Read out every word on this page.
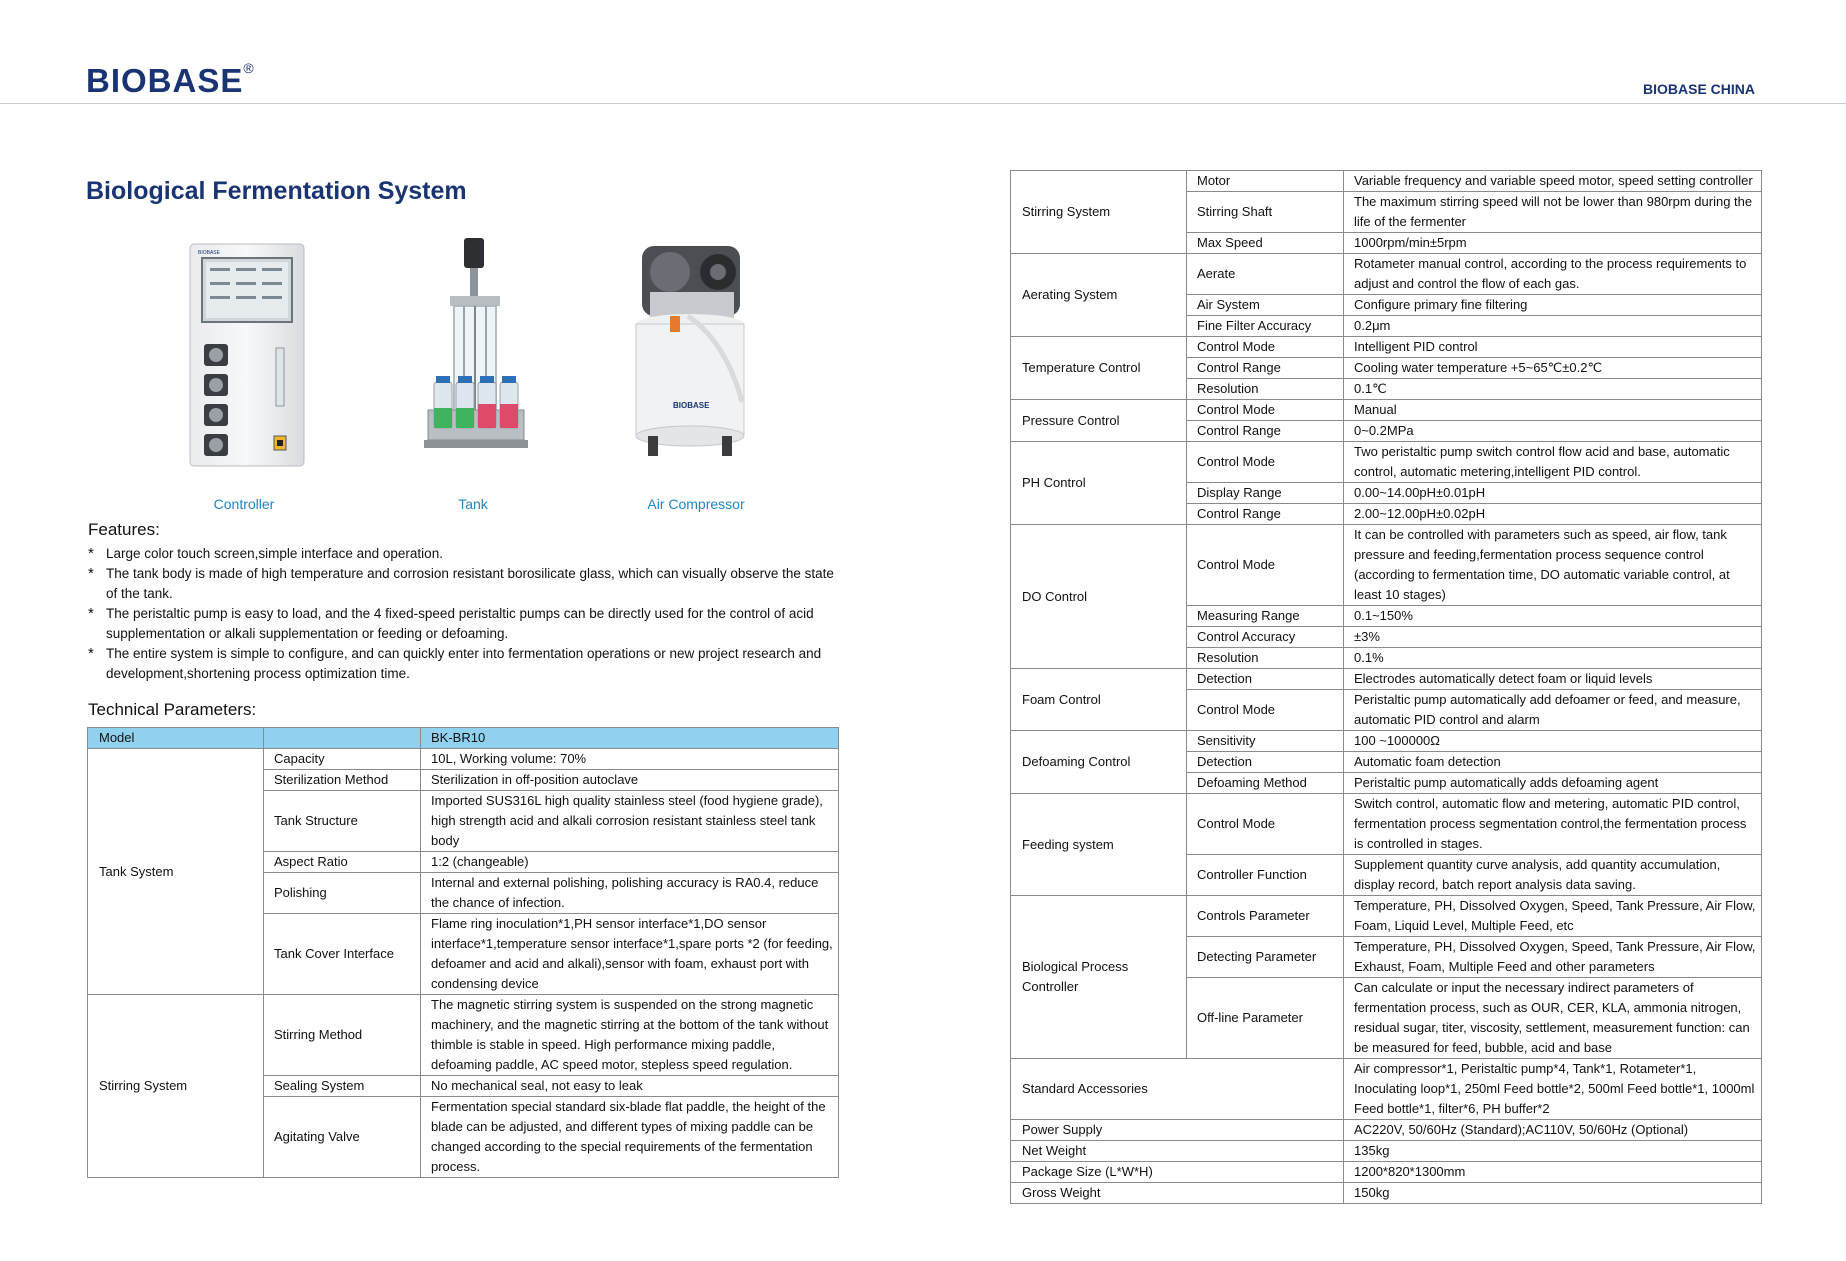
BIOBASE®
BIOBASE CHINA
Biological Fermentation System
BIOBASE
Controller	Tank
BIOBASE
Air Compressor
Features:
* Large color touch screen,simple interface and operation.
* The tank body is made of high temperature and corrosion resistant borosilicate glass, which can visually observe the state of the tank.
* The peristaltic pump is easy to load, and the 4 fixed-speed peristaltic pumps can be directly used for the control of acid supplementation or alkali supplementation or feeding or defoaming.
* The entire system is simple to configure, and can quickly enter into fermentation operations or new project research and development,shortening process optimization time.
Technical Parameters:
Model		BK-BR10
Tank System	Capacity	10L, Working volume: 70%
	Sterilization Method	Sterilization in off-position autoclave
	Tank Structure	Imported SUS316L high quality stainless steel (food hygiene grade), high strength acid and alkali corrosion resistant stainless steel tank body
	Aspect Ratio	1:2 (changeable)
	Polishing	Internal and external polishing, polishing accuracy is RA0.4, reduce the chance of infection.
	Tank Cover Interface	Flame ring inoculation*1,PH sensor interface*1,DO sensor interface*1,temperature sensor interface*1,spare ports *2 (for feeding, defoamer and acid and alkali),sensor with foam, exhaust port with condensing device
Stirring System	Stirring Method	The magnetic stirring system is suspended on the strong magnetic machinery, and the magnetic stirring at the bottom of the tank without thimble is stable in speed. High performance mixing paddle, defoaming paddle, AC speed motor, stepless speed regulation.
	Sealing System	No mechanical seal, not easy to leak
	Agitating Valve	Fermentation special standard six-blade flat paddle, the height of the blade can be adjusted, and different types of mixing paddle can be changed according to the special requirements of the fermentation process.
Stirring System	Motor	Variable frequency and variable speed motor, speed setting controller
	Stirring Shaft	The maximum stirring speed will not be lower than 980rpm during the life of the fermenter
	Max Speed	1000rpm/min±5rpm
Aerating System	Aerate	Rotameter manual control, according to the process requirements to adjust and control the flow of each gas.
	Air System	Configure primary fine filtering
	Fine Filter Accuracy	0.2μm
Temperature Control	Control Mode	Intelligent PID control
	Control Range	Cooling water temperature +5~65℃±0.2℃
	Resolution	0.1℃
Pressure Control	Control Mode	Manual
	Control Range	0~0.2MPa
PH Control	Control Mode	Two peristaltic pump switch control flow acid and base, automatic control, automatic metering,intelligent PID control.
	Display Range	0.00~14.00pH±0.01pH
	Control Range	2.00~12.00pH±0.02pH
DO Control	Control Mode	It can be controlled with parameters such as speed, air flow, tank pressure and feeding,fermentation process sequence control (according to fermentation time, DO automatic variable control, at least 10 stages)
	Measuring Range	0.1~150%
	Control Accuracy	±3%
	Resolution	0.1%
Foam Control	Detection	Electrodes automatically detect foam or liquid levels
	Control Mode	Peristaltic pump automatically add defoamer or feed, and measure, automatic PID control and alarm
Defoaming Control	Sensitivity	100 ~100000Ω
	Detection	Automatic foam detection
	Defoaming Method	Peristaltic pump automatically adds defoaming agent
Feeding system	Control Mode	Switch control, automatic flow and metering, automatic PID control, fermentation process segmentation control,the fermentation process is controlled in stages.
	Controller Function	Supplement quantity curve analysis, add quantity accumulation, display record, batch report analysis data saving.
Biological Process Controller	Controls Parameter	Temperature, PH, Dissolved Oxygen, Speed, Tank Pressure, Air Flow, Foam, Liquid Level, Multiple Feed, etc
	Detecting Parameter	Temperature, PH, Dissolved Oxygen, Speed, Tank Pressure, Air Flow, Exhaust, Foam, Multiple Feed and other parameters
	Off-line Parameter	Can calculate or input the necessary indirect parameters of fermentation process, such as OUR, CER, KLA, ammonia nitrogen, residual sugar, titer, viscosity, settlement, measurement function: can be measured for feed, bubble, acid and base
Standard Accessories		Air compressor*1, Peristaltic pump*4, Tank*1, Rotameter*1, Inoculating loop*1, 250ml Feed bottle*2, 500ml Feed bottle*1, 1000ml Feed bottle*1, filter*6, PH buffer*2
Power Supply		AC220V, 50/60Hz (Standard);AC110V, 50/60Hz (Optional)
Net Weight		135kg
Package Size (L*W*H)		1200*820*1300mm
Gross Weight		150kg
